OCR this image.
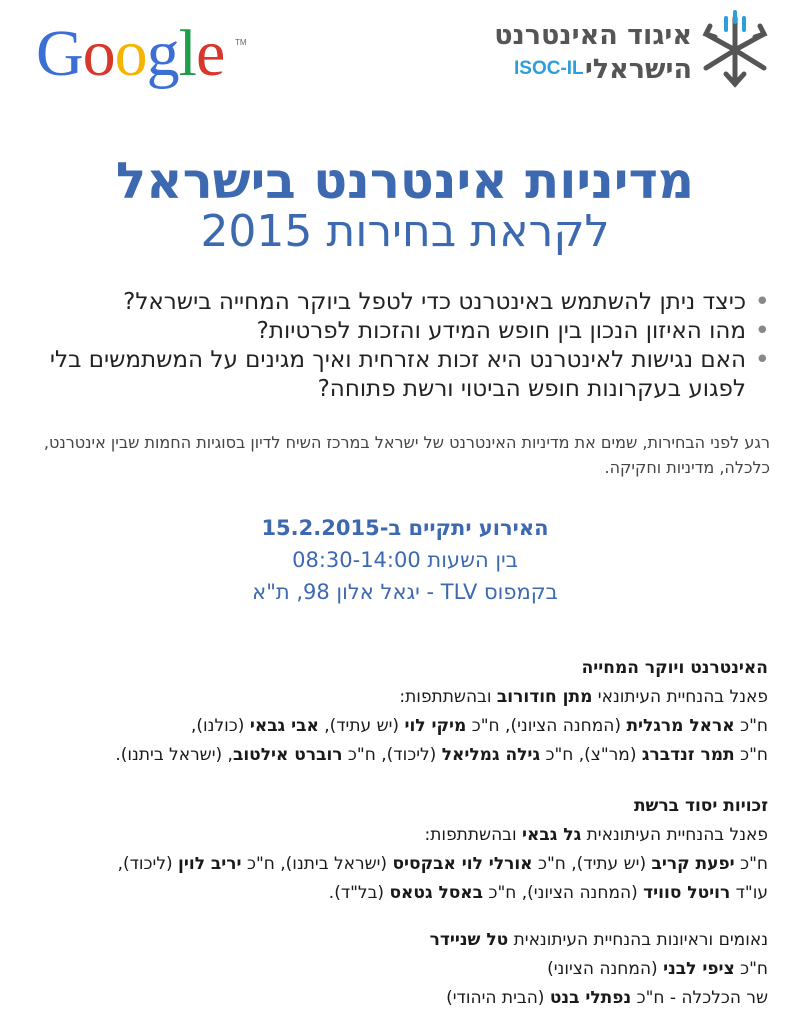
Google TM	איגוד האינטרנט
הישראלי
ISOC-IL
מדיניות אינטרנט בישראל
לקראת בחירות 2015
• כיצד ניתן להשתמש באינטרנט כדי לטפל ביוקר המחייה בישראל?
• מהו האיזון הנכון בין חופש המידע והזכות לפרטיות?
• האם נגישות לאינטרנט היא זכות אזרחית ואיך מגינים על המשתמשים בלי לפגוע בעקרונות חופש הביטוי ורשת פתוחה?
רגע לפני הבחירות, שמים את מדיניות האינטרנט של ישראל במרכז השיח לדיון בסוגיות החמות שבין אינטרנט, כלכלה, מדיניות וחקיקה.
האירוע יתקיים ב-15.2.2015
בין השעות 08:30-14:00
בקמפוס TLV - יגאל אלון 98, ת"א
האינטרנט ויוקר המחייה
פאנל בהנחיית העיתונאי מתן חודורוב ובהשתתפות:
ח"כ אראל מרגלית (המחנה הציוני), ח"כ מיקי לוי (יש עתיד), אבי גבאי (כולנו),
ח"כ תמר זנדברג (מר"צ), ח"כ גילה גמליאל (ליכוד), ח"כ רוברט אילטוב, (ישראל ביתנו).
זכויות יסוד ברשת
פאנל בהנחיית העיתונאית גל גבאי ובהשתתפות:
ח"כ יפעת קריב (יש עתיד), ח"כ אורלי לוי אבקסיס (ישראל ביתנו), ח"כ יריב לוין (ליכוד),
עו"ד רויטל סוויד (המחנה הציוני), ח"כ באסל גטאס (בל"ד).
נאומים וראיונות בהנחיית העיתונאית טל שניידר
ח"כ ציפי לבני (המחנה הציוני)
שר הכלכלה - ח"כ נפתלי בנט (הבית היהודי)
